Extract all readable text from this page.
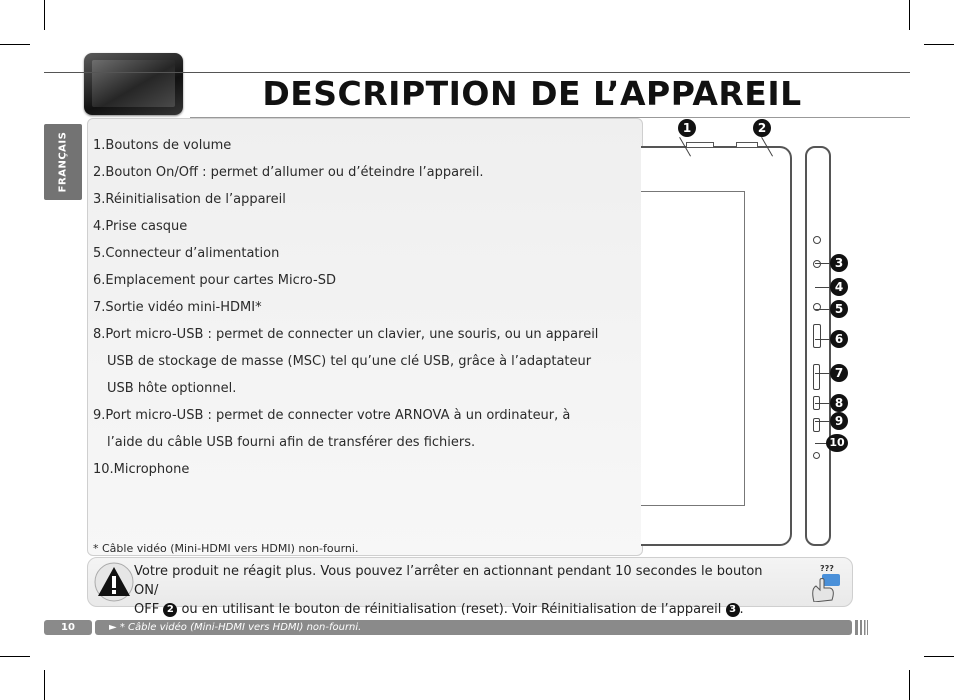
DESCRIPTION DE L’APPAREIL
FRANÇAIS 1.Boutons de volume
2.Bouton On/Off : permet d’allumer ou d’éteindre l’appareil.
3.Réinitialisation de l’appareil
4.Prise casque
5.Connecteur d’alimentation
6.Emplacement pour cartes Micro-SD
7.Sortie vidéo mini-HDMI*
8.Port micro-USB : permet de connecter un clavier, une souris, ou un appareil
USB de stockage de masse (MSC) tel qu’une clé USB, grâce à l’adaptateur
USB hôte optionnel.
9.Port micro-USB : permet de connecter votre ARNOVA à un ordinateur, à
l’aide du câble USB fourni afin de transférer des fichiers.
10.Microphone
* Câble vidéo (Mini-HDMI vers HDMI) non-fourni.
1	2
3
4
5
6
7
8
9
10
Votre produit ne réagit plus. Vous pouvez l’arrêter en actionnant pendant 10 secondes le bouton ON/
OFF 2 ou en utilisant le bouton de réinitialisation (reset). Voir Réinitialisation de l’appareil 3 .
???
10	► * Câble vidéo (Mini-HDMI vers HDMI) non-fourni.
